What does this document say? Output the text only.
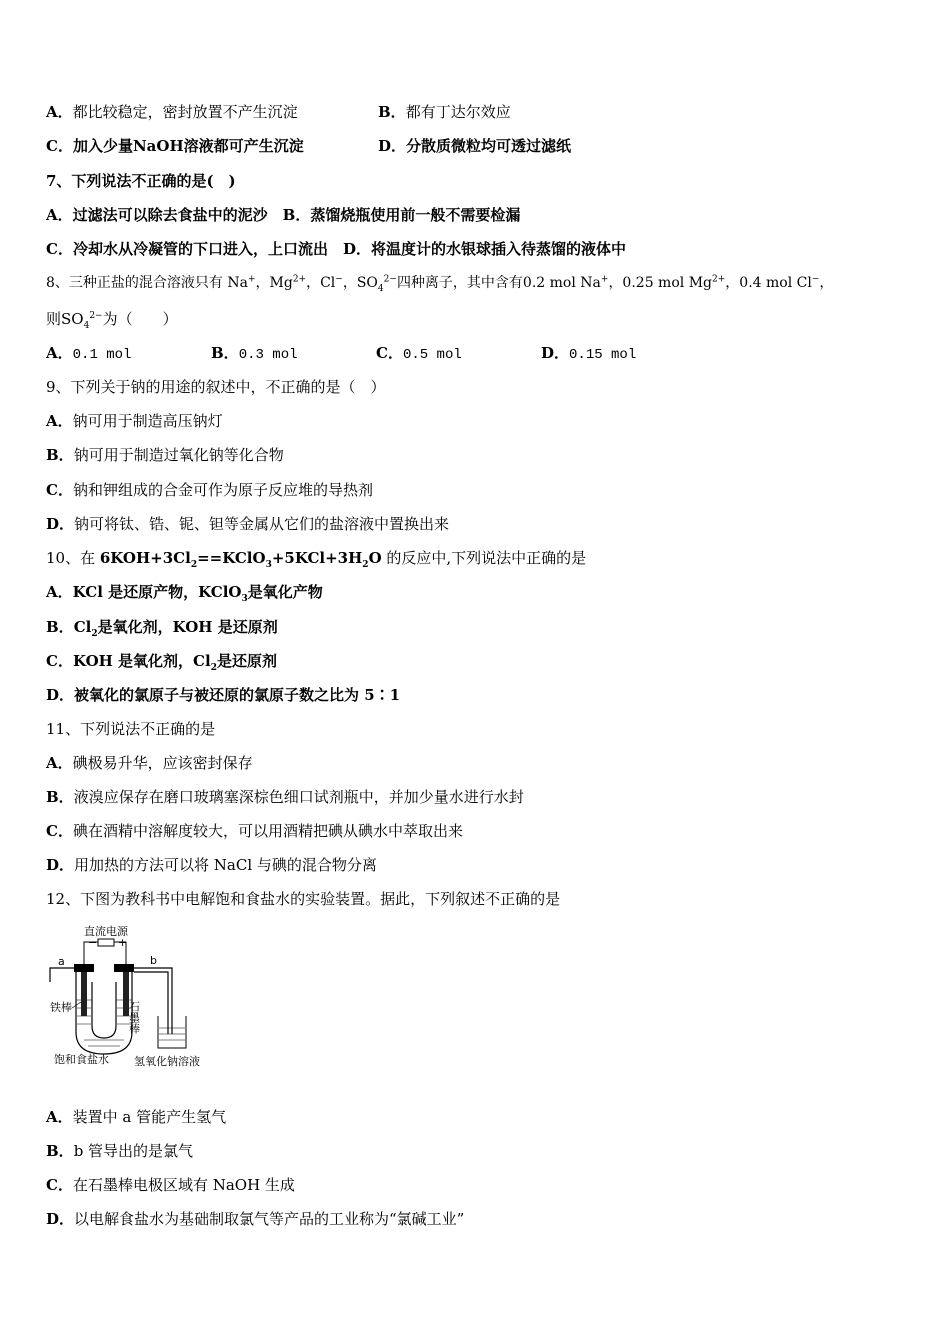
A．都比较稳定，密封放置不产生沉淀	B．都有丁达尔效应
C．加入少量NaOH溶液都可产生沉淀	D．分散质微粒均可透过滤纸
7、下列说法不正确的是(　)
A．过滤法可以除去食盐中的泥沙　 B．蒸馏烧瓶使用前一般不需要检漏
C．冷却水从冷凝管的下口进入，上口流出　 D．将温度计的水银球插入待蒸馏的液体中
8、三种正盐的混合溶液只有 Na+，$Mg^{2+}$，Cl−，$SO_4^{2-}$四种离子，其中含有0.2 mol Na+，0.25 mol $Mg^{2+}$，0.4 mol Cl−，
则$SO_4^{2-}$为（　　）
A．0.1 mol	B．0.3 mol	C．0.5 mol	D．0.15 mol
9、下列关于钠的用途的叙述中，不正确的是（　）
A．钠可用于制造高压钠灯
B．钠可用于制造过氧化钠等化合物
C．钠和钾组成的合金可作为原子反应堆的导热剂
D．钠可将钛、锆、铌、钽等金属从它们的盐溶液中置换出来
10、在 $6KOH+3Cl_2==KClO_3+5KCl+3H_2O$ 的反应中,下列说法中正确的是
A．KCl 是还原产物，KClO$_3$是氧化产物
B．$Cl_2$是氧化剂，KOH 是还原剂
C．KOH 是氧化剂，$Cl_2$是还原剂
D．被氧化的氯原子与被还原的氯原子数之比为 5∶1
11、下列说法不正确的是
A．碘极易升华，应该密封保存
B．液溴应保存在磨口玻璃塞深棕色细口试剂瓶中，并加少量水进行水封
C．碘在酒精中溶解度较大，可以用酒精把碘从碘水中萃取出来
D．用加热的方法可以将 NaCl 与碘的混合物分离
12、下图为教科书中电解饱和食盐水的实验装置。据此，下列叙述不正确的是
直流电源
− +
a	b
铁棒	石墨棒
饱和食盐水 氢氧化钠溶液
A．装置中 a 管能产生氢气
B．b 管导出的是氯气
C．在石墨棒电极区域有 NaOH 生成
D．以电解食盐水为基础制取氯气等产品的工业称为“氯碱工业”
